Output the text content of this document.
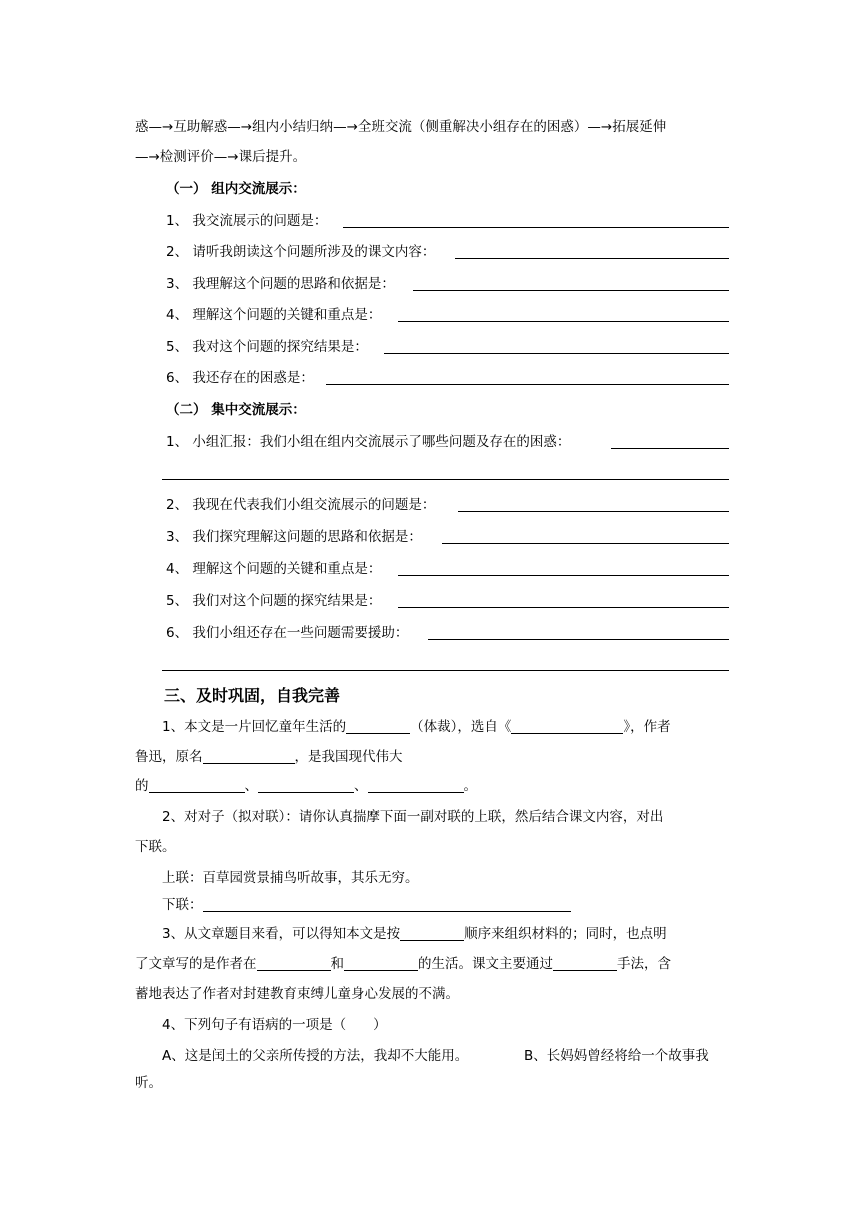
惑—→互助解惑—→组内小结归纳—→全班交流（侧重解决小组存在的困惑）—→拓展延伸
—→检测评价—→课后提升。
（一） 组内交流展示：
1、 我交流展示的问题是：
2、 请听我朗读这个问题所涉及的课文内容：
3、 我理解这个问题的思路和依据是：
4、 理解这个问题的关键和重点是：
5、 我对这个问题的探究结果是：
6、 我还存在的困惑是：
（二） 集中交流展示：
1、 小组汇报：我们小组在组内交流展示了哪些问题及存在的困惑：
2、 我现在代表我们小组交流展示的问题是：
3、 我们探究理解这问题的思路和依据是：
4、 理解这个问题的关键和重点是：
5、 我们对这个问题的探究结果是：
6、 我们小组还存在一些问题需要援助：
三、及时巩固，自我完善
1、本文是一片回忆童年生活的	（体裁），选自《	》，作者
鲁迅，原名	，是我国现代伟大
的	、	、	。
2、对对子（拟对联）：请你认真揣摩下面一副对联的上联，然后结合课文内容，对出
下联。
上联：百草园赏景捕鸟听故事，其乐无穷。
下联：
3、从文章题目来看，可以得知本文是按	顺序来组织材料的；同时，也点明
了文章写的是作者在	和	的生活。课文主要通过	手法，含
蓄地表达了作者对封建教育束缚儿童身心发展的不满。
4、下列句子有语病的一项是（　　）
A、这是闰土的父亲所传授的方法，我却不大能用。	B、长妈妈曾经将给一个故事我
听。
